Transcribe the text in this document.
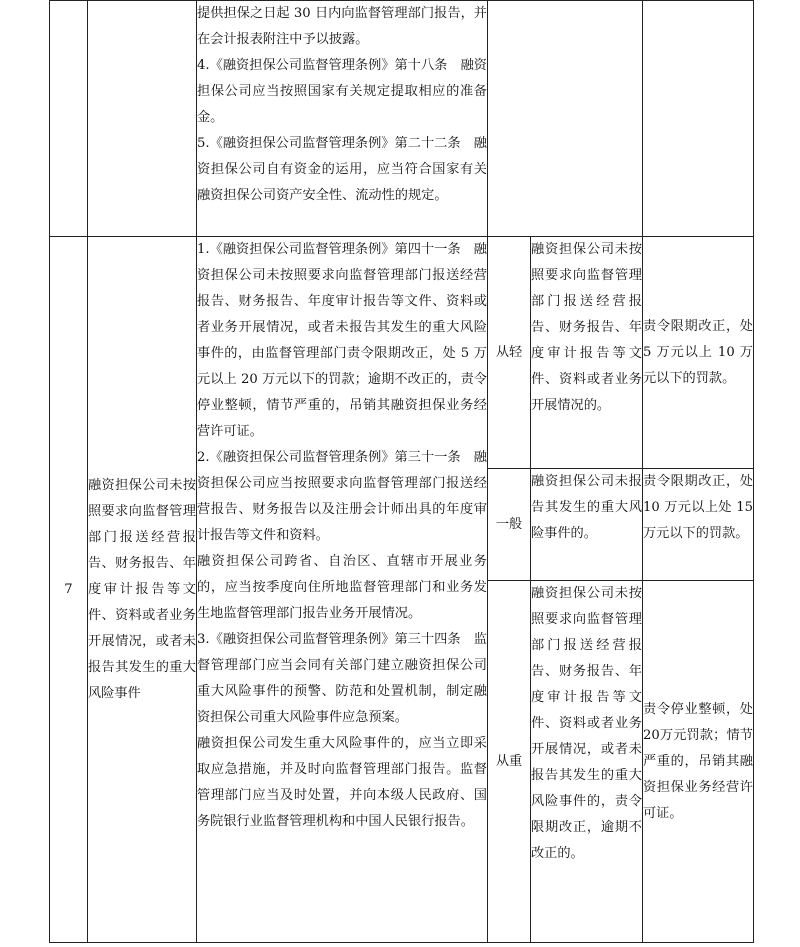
		提供担保之日起 30 日内向监督管理部门报告，并在会计报表附注中予以披露。

4.《融资担保公司监督管理条例》第十八条　融资担保公司应当按照国家有关规定提取相应的准备金。

5.《融资担保公司监督管理条例》第二十二条　融资担保公司自有资金的运用，应当符合国家有关融资担保公司资产安全性、流动性的规定。			

7	融资担保公司未按照要求向监督管理部门报送经营报告、财务报告、年度审计报告等文件、资料或者业务开展情况，或者未报告其发生的重大风险事件	1.《融资担保公司监督管理条例》第四十一条　融资担保公司未按照要求向监督管理部门报送经营报告、财务报告、年度审计报告等文件、资料或者业务开展情况，或者未报告其发生的重大风险事件的，由监督管理部门责令限期改正，处 5 万元以上 20 万元以下的罚款；逾期不改正的，责令停业整顿，情节严重的，吊销其融资担保业务经营许可证。

2.《融资担保公司监督管理条例》第三十一条　融资担保公司应当按照要求向监督管理部门报送经营报告、财务报告以及注册会计师出具的年度审计报告等文件和资料。

融资担保公司跨省、自治区、直辖市开展业务的，应当按季度向住所地监督管理部门和业务发生地监督管理部门报告业务开展情况。

3.《融资担保公司监督管理条例》第三十四条　监督管理部门应当会同有关部门建立融资担保公司重大风险事件的预警、防范和处置机制，制定融资担保公司重大风险事件应急预案。

融资担保公司发生重大风险事件的，应当立即采取应急措施，并及时向监督管理部门报告。监督管理部门应当及时处置，并向本级人民政府、国务院银行业监督管理机构和中国人民银行报告。	从轻	融资担保公司未按照要求向监督管理部门报送经营报告、财务报告、年度审计报告等文件、资料或者业务开展情况的。	责令限期改正，处 5 万元以上 10 万元以下的罚款。

			一般	融资担保公司未报告其发生的重大风险事件的。	责令限期改正，处 10 万元以上处 15 万元以下的罚款。

			从重	融资担保公司未按照要求向监督管理部门报送经营报告、财务报告、年度审计报告等文件、资料或者业务开展情况，或者未报告其发生的重大风险事件的，责令限期改正，逾期不改正的。	责令停业整顿，处20万元罚款；情节严重的，吊销其融资担保业务经营许可证。
